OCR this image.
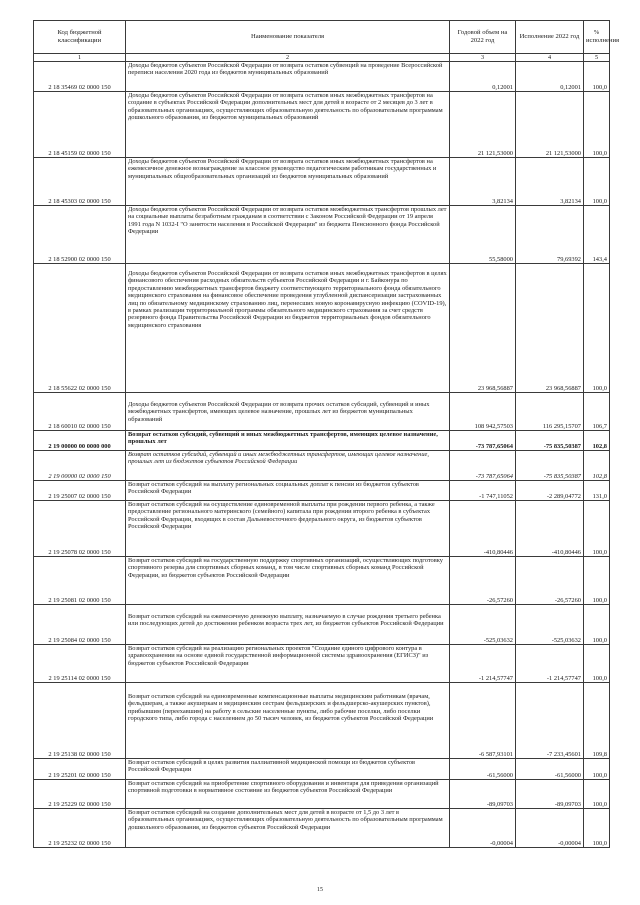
Код бюджетной классификации	Наименование показателя	Годовой объем на 2022 год	Исполнение 2022 год	% исполнения
1	2	3	4	5
2 18 35469 02 0000 150	Доходы бюджетов субъектов Российской Федерации от возврата остатков субвенций на проведение Всероссийской переписи населения 2020 года из бюджетов муниципальных образований	0,12001	0,12001	100,0
2 18 45159 02 0000 150	Доходы бюджетов субъектов Российской Федерации от возврата остатков иных межбюджетных трансфертов на создание в субъектах Российской Федерации дополнительных мест для детей в возрасте от 2 месяцев до 3 лет в образовательных организациях, осуществляющих образовательную деятельность по образовательным программам дошкольного образования, из бюджетов муниципальных образований	21 121,53000	21 121,53000	100,0
2 18 45303 02 0000 150	Доходы бюджетов субъектов Российской Федерации от возврата остатков иных межбюджетных трансфертов на ежемесячное денежное вознаграждение за классное руководство педагогическим работникам государственных и муниципальных общеобразовательных организаций из бюджетов муниципальных образований	3,82134	3,82134	100,0
2 18 52900 02 0000 150	Доходы бюджетов субъектов Российской Федерации от возврата остатков межбюджетных трансфертов прошлых лет на социальные выплаты безработным гражданам в соответствии с Законом Российской Федерации от 19 апреля 1991 года N 1032-I "О занятости населения в Российской Федерации" из бюджета Пенсионного фонда Российской Федерации	55,58000	79,69392	143,4
2 18 55622 02 0000 150	Доходы бюджетов субъектов Российской Федерации от возврата остатков иных межбюджетных трансфертов в целях финансового обеспечения расходных обязательств субъектов Российской Федерации и г. Байконура по предоставлению межбюджетных трансфертов бюджету соответствующего территориального фонда обязательного медицинского страхования на финансовое обеспечение проведения углубленной диспансеризации застрахованных лиц по обязательному медицинскому страхованию лиц, перенесших новую коронавирусную инфекцию (COVID-19), в рамках реализации территориальной программы обязательного медицинского страхования за счет средств резервного фонда Правительства Российской Федерации из бюджетов территориальных фондов обязательного медицинского страхования	23 968,56887	23 968,56887	100,0
2 18 60010 02 0000 150	Доходы бюджетов субъектов Российской Федерации от возврата прочих остатков субсидий, субвенций и иных межбюджетных трансфертов, имеющих целевое назначение, прошлых лет из бюджетов муниципальных образований	108 942,57503	116 295,15707	106,7
2 19 00000 00 0000 000	Возврат остатков субсидий, субвенций и иных межбюджетных трансфертов, имеющих целевое назначение, прошлых лет	-73 787,65064	-75 835,50387	102,8
2 19 00000 02 0000 150	Возврат остатков субсидий, субвенций и иных межбюджетных трансфертов, имеющих целевое назначение, прошлых лет из бюджетов субъектов Российской Федерации	-73 787,65064	-75 835,50387	102,8
2 19 25007 02 0000 150	Возврат остатков субсидий на выплату региональных социальных доплат к пенсии из бюджетов субъектов Российской Федерации	-1 747,11052	-2 289,04772	131,0
2 19 25078 02 0000 150	Возврат остатков субсидий на осуществление единовременной выплаты при рождении первого ребенка, а также предоставление регионального материнского (семейного) капитала при рождении второго ребенка в субъектах Российской Федерации, входящих в состав Дальневосточного федерального округа, из бюджетов субъектов Российской Федерации	-410,80446	-410,80446	100,0
2 19 25081 02 0000 150	Возврат остатков субсидий на государственную поддержку спортивных организаций, осуществляющих подготовку спортивного резерва для спортивных сборных команд, в том числе спортивных сборных команд Российской Федерации, из бюджетов субъектов Российской Федерации	-26,57260	-26,57260	100,0
2 19 25084 02 0000 150	Возврат остатков субсидий на ежемесячную денежную выплату, назначаемую в случае рождения третьего ребенка или последующих детей до достижения ребенком возраста трех лет, из бюджетов субъектов Российской Федерации	-525,03632	-525,03632	100,0
2 19 25114 02 0000 150	Возврат остатков субсидий на реализацию региональных проектов "Создание единого цифрового контура в здравоохранении на основе единой государственной информационной системы здравоохранения (ЕГИСЗ)" из бюджетов субъектов Российской Федерации	-1 214,57747	-1 214,57747	100,0
2 19 25138 02 0000 150	Возврат остатков субсидий на единовременные компенсационные выплаты медицинским работникам (врачам, фельдшерам, а также акушеркам и медицинским сестрам фельдшерских и фельдшерско-акушерских пунктов), прибывшим (переехавшим) на работу в сельские населенные пункты, либо рабочие поселки, либо поселки городского типа, либо города с населением до 50 тысяч человек, из бюджетов субъектов Российской Федерации	-6 587,93101	-7 233,45601	109,8
2 19 25201 02 0000 150	Возврат остатков субсидий в целях развития паллиативной медицинской помощи из бюджетов субъектов Российской Федерации	-61,56000	-61,56000	100,0
2 19 25229 02 0000 150	Возврат остатков субсидий на приобретение спортивного оборудования и инвентаря для приведения организаций спортивной подготовки в нормативное состояние из бюджетов субъектов Российской Федерации	-89,09703	-89,09703	100,0
2 19 25232 02 0000 150	Возврат остатков субсидий на создание дополнительных мест для детей в возрасте от 1,5 до 3 лет в образовательных организациях, осуществляющих образовательную деятельность по образовательным программам дошкольного образования, из бюджетов субъектов Российской Федерации	-0,00004	-0,00004	100,0
15
